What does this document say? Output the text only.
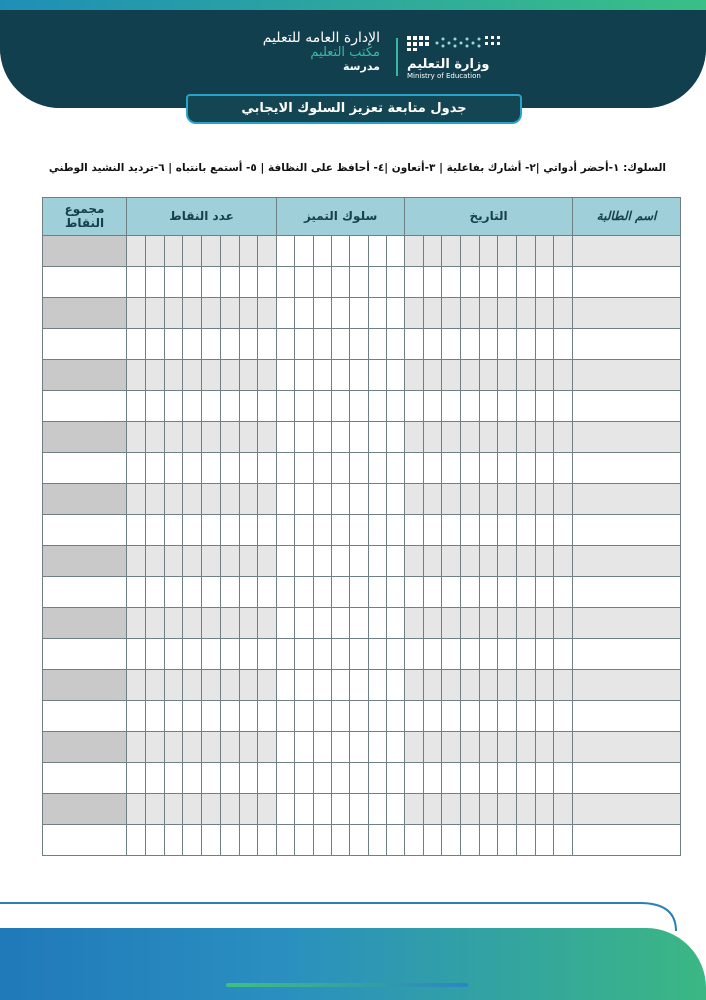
الإدارة العامه للتعليم
مكتب التعليم
مدرسة وزارة التعليم
Ministry of Education
جدول متابعة تعزيز السلوك الايجابي
السلوك: ١-أحضر أدواتي |٢- أشارك بفاعلية | ٣-أتعاون |٤- أحافظ على النظافة | ٥- أستمع بانتباه | ٦-ترديد النشيد الوطني
مجموع النقاط	عدد النقاط								سلوك التميز							التاريخ									اسم الطالبة
